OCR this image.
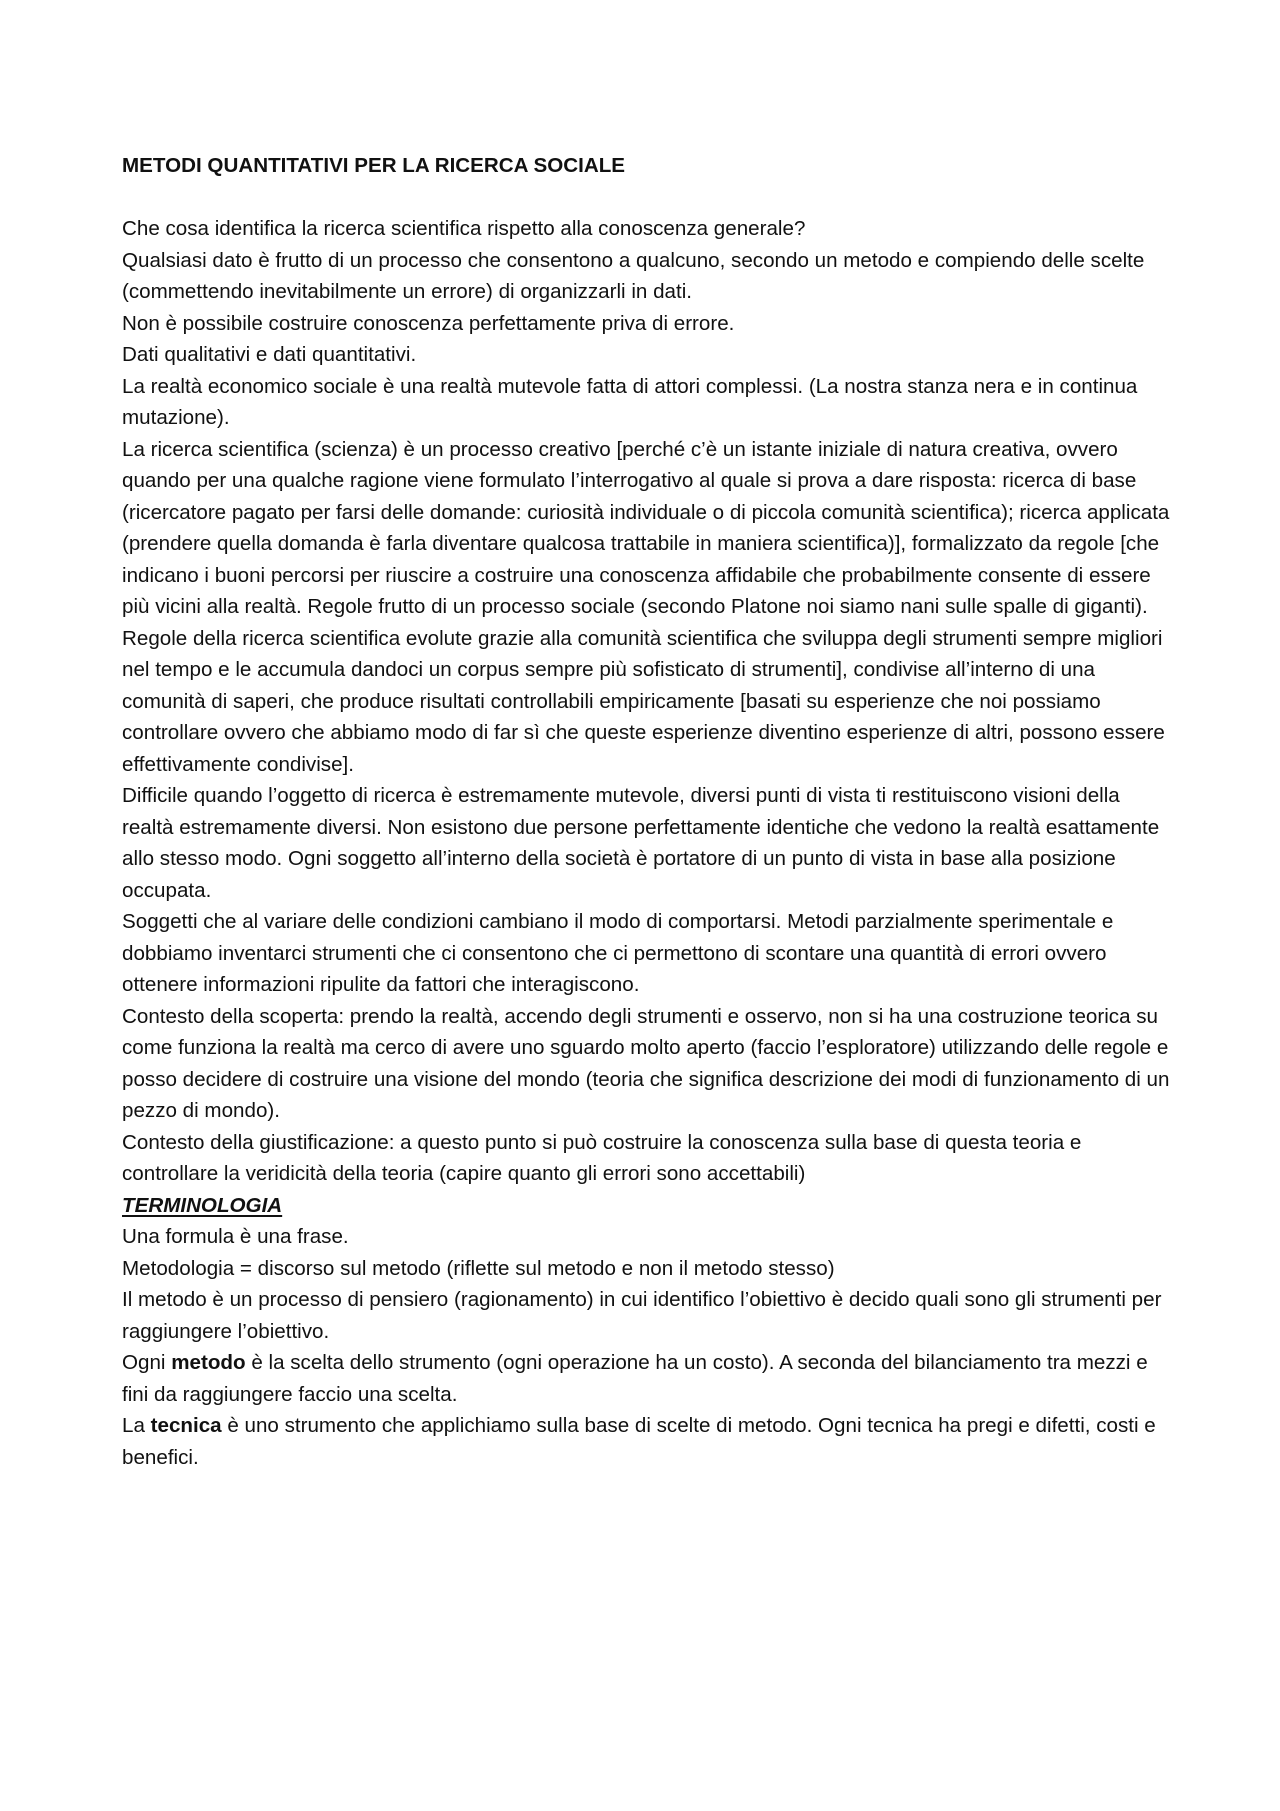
METODI QUANTITATIVI PER LA RICERCA SOCIALE

Che cosa identifica la ricerca scientifica rispetto alla conoscenza generale?

Qualsiasi dato è frutto di un processo che consentono a qualcuno, secondo un metodo e compiendo delle scelte (commettendo inevitabilmente un errore) di organizzarli in dati.

Non è possibile costruire conoscenza perfettamente priva di errore.

Dati qualitativi e dati quantitativi.

La realtà economico sociale è una realtà mutevole fatta di attori complessi. (La nostra stanza nera e in continua mutazione).

La ricerca scientifica (scienza) è un processo creativo [perché c’è un istante iniziale di natura creativa, ovvero quando per una qualche ragione viene formulato l’interrogativo al quale si prova a dare risposta: ricerca di base (ricercatore pagato per farsi delle domande: curiosità individuale o di piccola comunità scientifica); ricerca applicata (prendere quella domanda è farla diventare qualcosa trattabile in maniera scientifica)], formalizzato da regole [che indicano i buoni percorsi per riuscire a costruire una conoscenza affidabile che probabilmente consente di essere più vicini alla realtà. Regole frutto di un processo sociale (secondo Platone noi siamo nani sulle spalle di giganti). Regole della ricerca scientifica evolute grazie alla comunità scientifica che sviluppa degli strumenti sempre migliori nel tempo e le accumula dandoci un corpus sempre più sofisticato di strumenti], condivise all’interno di una comunità di saperi, che produce risultati controllabili empiricamente [basati su esperienze che noi possiamo controllare ovvero che abbiamo modo di far sì che queste esperienze diventino esperienze di altri, possono essere effettivamente condivise].

Difficile quando l’oggetto di ricerca è estremamente mutevole, diversi punti di vista ti restituiscono visioni della realtà estremamente diversi. Non esistono due persone perfettamente identiche che vedono la realtà esattamente allo stesso modo. Ogni soggetto all’interno della società è portatore di un punto di vista in base alla posizione occupata.

Soggetti che al variare delle condizioni cambiano il modo di comportarsi. Metodi parzialmente sperimentale e dobbiamo inventarci strumenti che ci consentono che ci permettono di scontare una quantità di errori ovvero ottenere informazioni ripulite da fattori che interagiscono.

Contesto della scoperta: prendo la realtà, accendo degli strumenti e osservo, non si ha una costruzione teorica su come funziona la realtà ma cerco di avere uno sguardo molto aperto (faccio l’esploratore) utilizzando delle regole e posso decidere di costruire una visione del mondo (teoria che significa descrizione dei modi di funzionamento di un pezzo di mondo).

Contesto della giustificazione: a questo punto si può costruire la conoscenza sulla base di questa teoria e controllare la veridicità della teoria (capire quanto gli errori sono accettabili)

TERMINOLOGIA

Una formula è una frase.

Metodologia = discorso sul metodo (riflette sul metodo e non il metodo stesso)

Il metodo è un processo di pensiero (ragionamento) in cui identifico l’obiettivo è decido quali sono gli strumenti per raggiungere l’obiettivo.

Ogni metodo è la scelta dello strumento (ogni operazione ha un costo). A seconda del bilanciamento tra mezzi e fini da raggiungere faccio una scelta.

La tecnica è uno strumento che applichiamo sulla base di scelte di metodo. Ogni tecnica ha pregi e difetti, costi e benefici.
